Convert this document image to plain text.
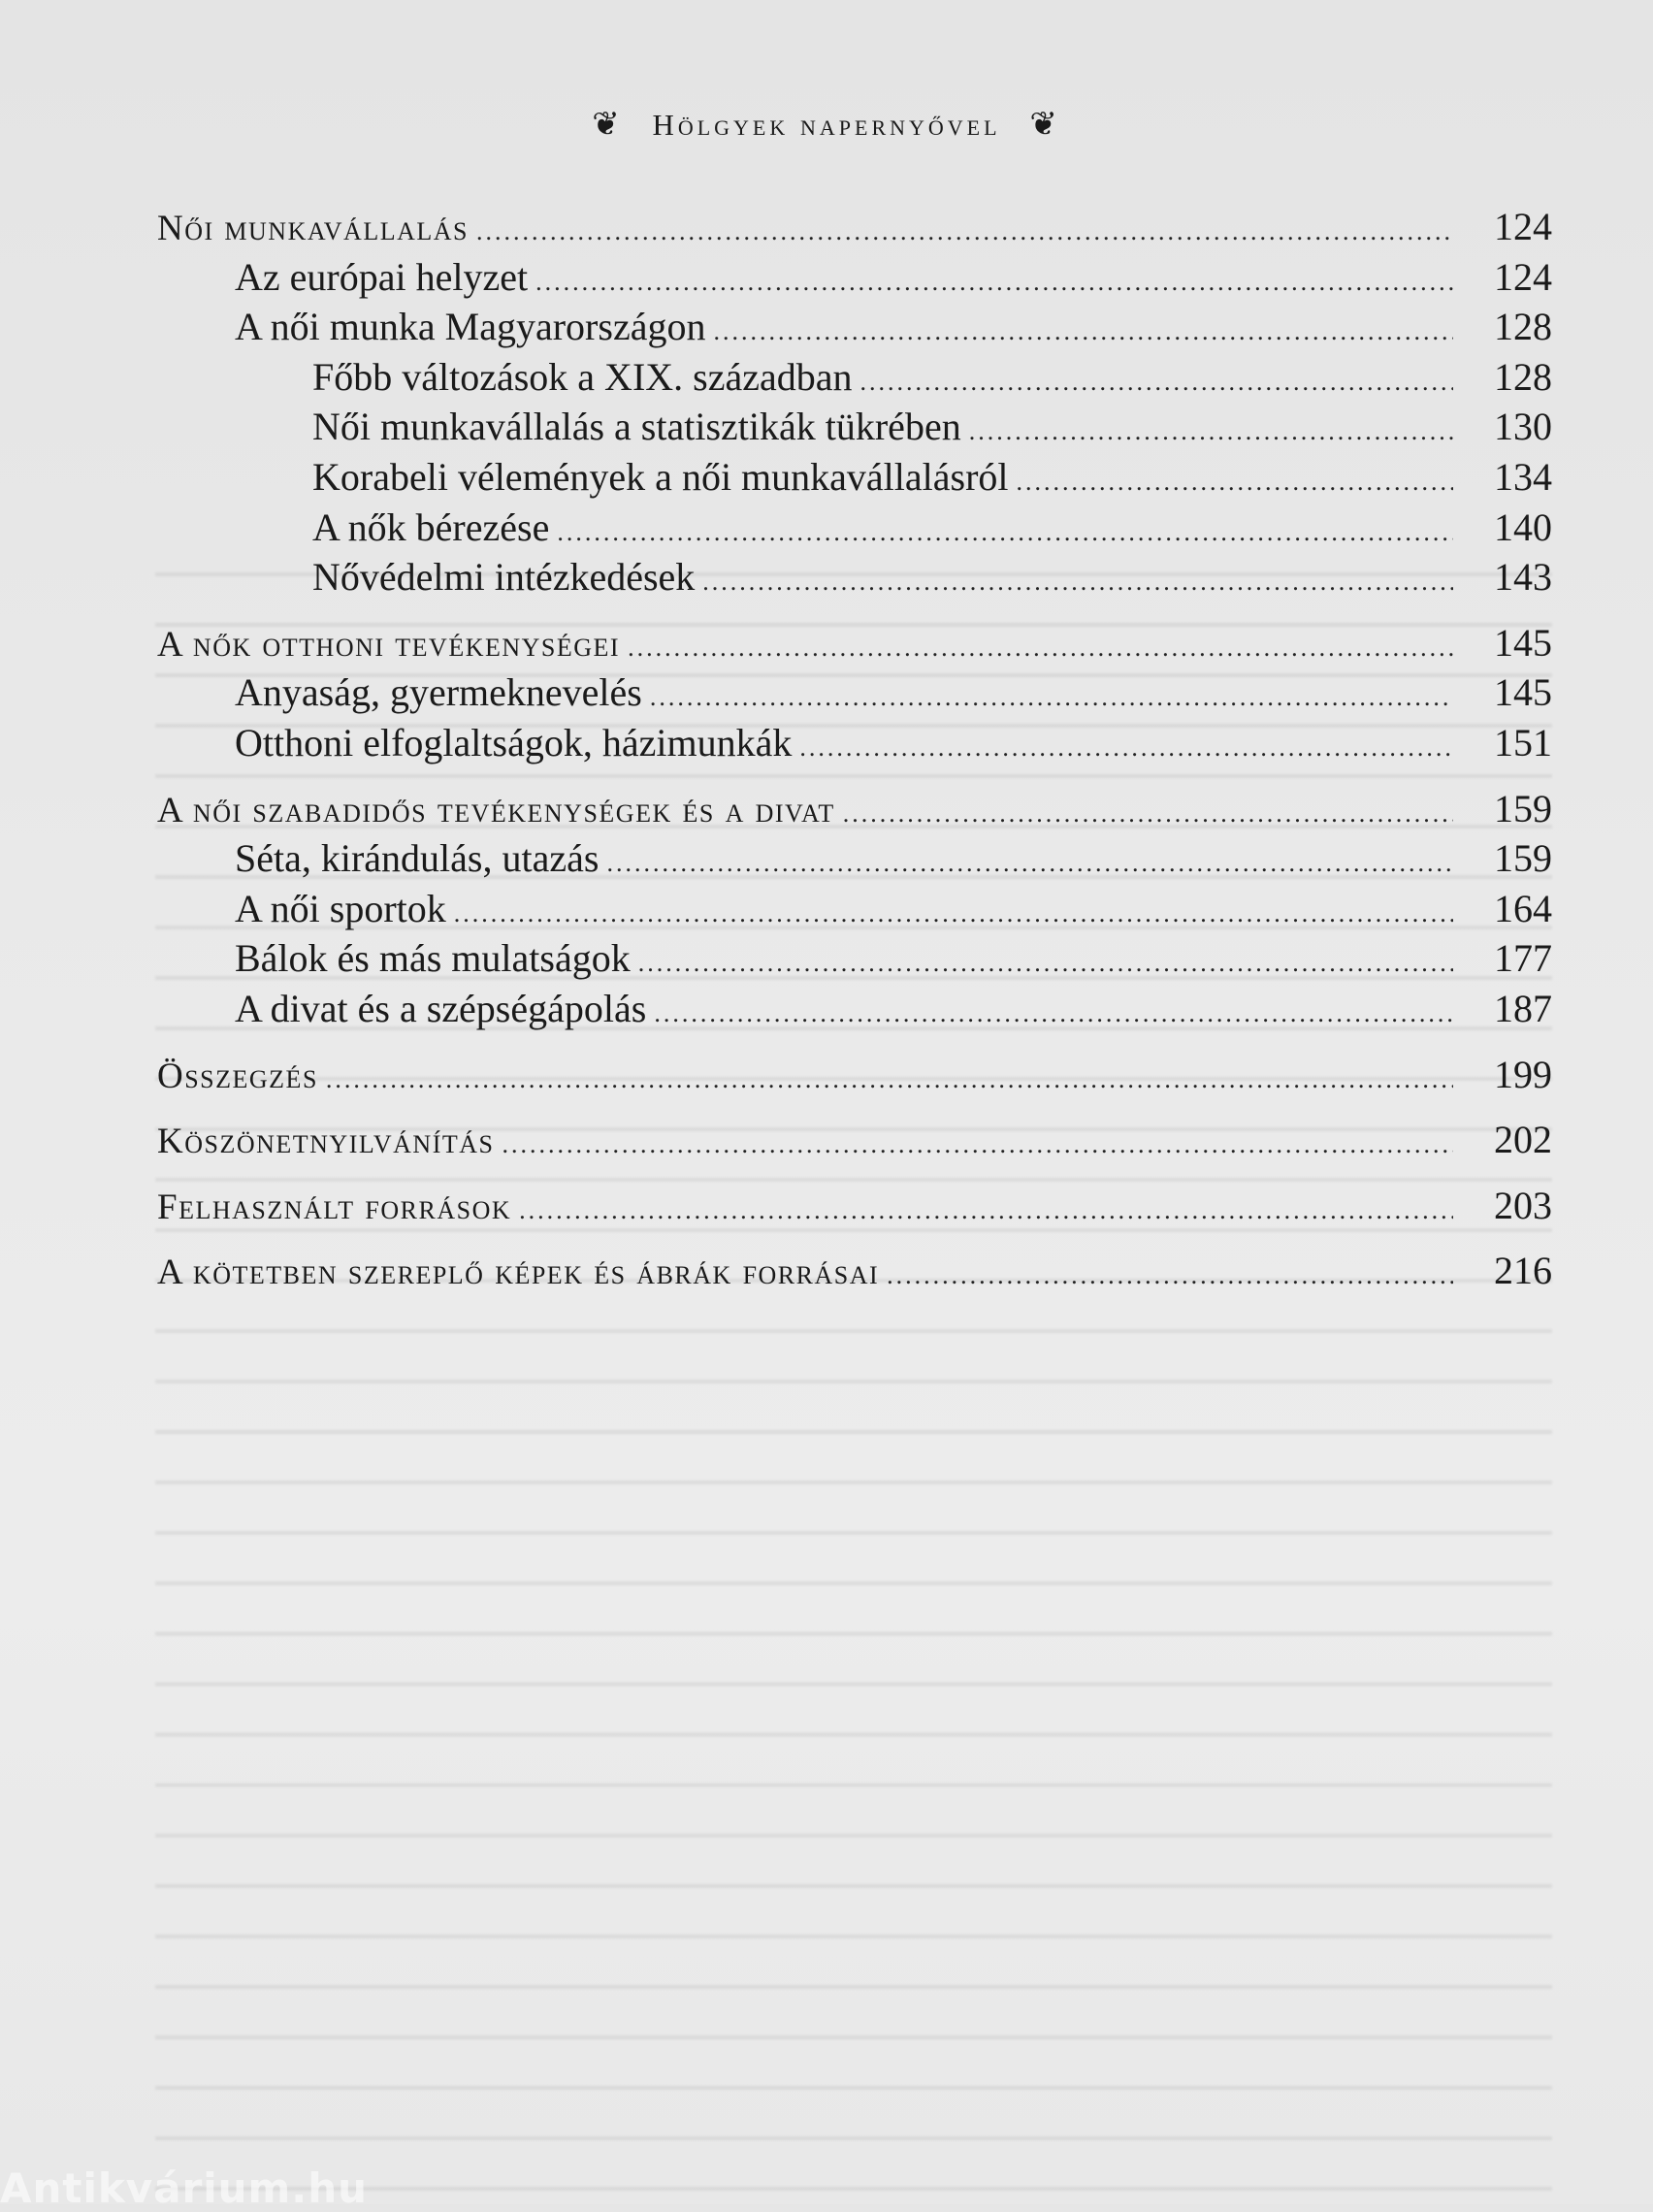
❦ Hölgyek napernyővel ❦
Női munkavállalás .....	124
Az európai helyzet .....	124
A női munka Magyarországon .....	128
Főbb változások a XIX. században .....	128
Női munkavállalás a statisztikák tükrében .....	130
Korabeli vélemények a női munkavállalásról .....	134
A nők bérezése .....	140
Nővédelmi intézkedések .....	143
A nők otthoni tevékenységei .....	145
Anyaság, gyermeknevelés .....	145
Otthoni elfoglaltságok, házimunkák .....	151
A női szabadidős tevékenységek és a divat .....	159
Séta, kirándulás, utazás .....	159
A női sportok .....	164
Bálok és más mulatságok .....	177
A divat és a szépségápolás .....	187
Összegzés .....	199
Köszönetnyilvánítás .....	202
Felhasznált források .....	203
A kötetben szereplő képek és ábrák forrásai .....	216
Antikvárium.hu
